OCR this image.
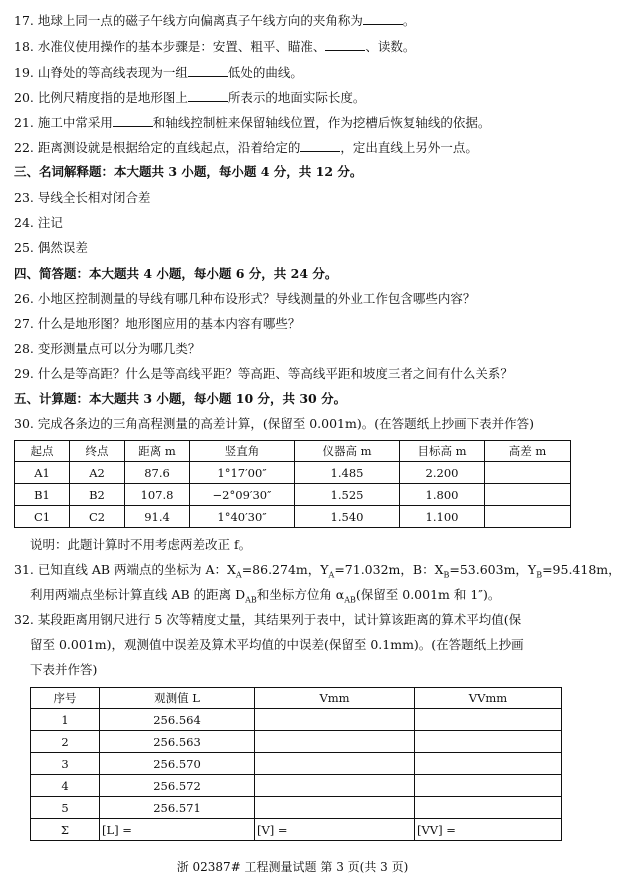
17. 地球上同一点的磁子午线方向偏离真子午线方向的夹角称为	。
18. 水准仪使用操作的基本步骤是：安置、粗平、瞄准、	、读数。
19. 山脊处的等高线表现为一组	低处的曲线。
20. 比例尺精度指的是地形图上	所表示的地面实际长度。
21. 施工中常采用	和轴线控制桩来保留轴线位置，作为挖槽后恢复轴线的依据。
22. 距离测设就是根据给定的直线起点，沿着给定的	，定出直线上另外一点。
三、名词解释题：本大题共 3 小题，每小题 4 分，共 12 分。
23. 导线全长相对闭合差
24. 注记
25. 偶然误差
四、简答题：本大题共 4 小题，每小题 6 分，共 24 分。
26. 小地区控制测量的导线有哪几种布设形式？导线测量的外业工作包含哪些内容？
27. 什么是地形图？地形图应用的基本内容有哪些？
28. 变形测量点可以分为哪几类？
29. 什么是等高距？什么是等高线平距？等高距、等高线平距和坡度三者之间有什么关系？
五、计算题：本大题共 3 小题，每小题 10 分，共 30 分。
30. 完成各条边的三角高程测量的高差计算，(保留至 0.001m)。(在答题纸上抄画下表并作答)
起点	终点	距离 m	竖直角	仪器高 m	目标高 m	高差 m
A1	A2	87.6	1°17′00″	1.485	2.200	
B1	B2	107.8	−2°09′30″	1.525	1.800	
C1	C2	91.4	1°40′30″	1.540	1.100	
说明：此题计算时不用考虑两差改正 f。
31. 已知直线 AB 两端点的坐标为 A：$X_A=86.274m$，$Y_A=71.032m$，B：$X_B=53.603m$，$Y_B=95.418m$，
利用两端点坐标计算直线 AB 的距离 $D_{AB}$和坐标方位角 $\alpha_{AB}$(保留至 0.001m 和 1″)。
32. 某段距离用钢尺进行 5 次等精度丈量，其结果列于表中，试计算该距离的算术平均值(保
留至 0.001m)，观测值中误差及算术平均值的中误差(保留至 0.1mm)。(在答题纸上抄画
下表并作答)
序号	观测值 L	Vmm	VVmm
1	256.564		
2	256.563		
3	256.570		
4	256.572		
5	256.571		
Σ	[L] =	[V] =	[VV] =
浙 02387# 工程测量试题 第 3 页(共 3 页)
